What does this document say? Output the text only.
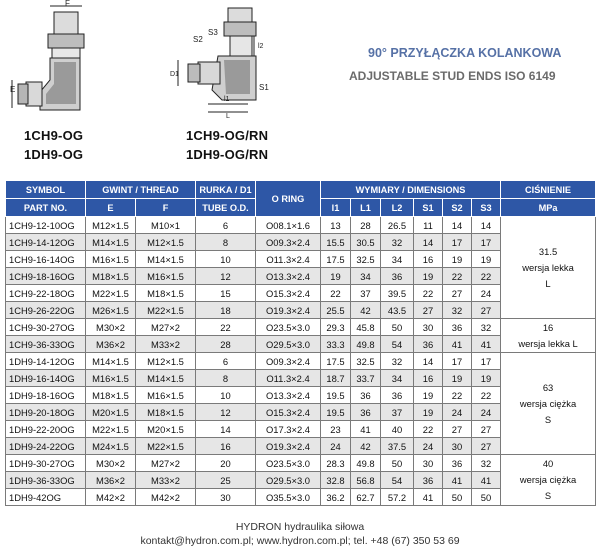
F
E
S3
S2
l2
S1
D1
l1
L
1CH9-OG
1DH9-OG
1CH9-OG/RN
1DH9-OG/RN
90° PRZYŁĄCZKA KOLANKOWA
ADJUSTABLE STUD ENDS ISO 6149
SYMBOL	GWINT / THREAD		RURKA / D1	O RING	WYMIARY / DIMENSIONS						CIŚNIENIE
PART NO.	E	F	TUBE O.D.		l1	L1	L2	S1	S2	S3	MPa
1CH9-12-10OG	M12×1.5	M10×1	6	O08.1×1.6	13	28	26.5	11	14	14	31.5
wersja lekka
L

1CH9-14-12OG	M14×1.5	M12×1.5	8	O09.3×2.4	15.5	30.5	32	14	17	17	
1CH9-16-14OG	M16×1.5	M14×1.5	10	O11.3×2.4	17.5	32.5	34	16	19	19	
1CH9-18-16OG	M18×1.5	M16×1.5	12	O13.3×2.4	19	34	36	19	22	22	
1CH9-22-18OG	M22×1.5	M18×1.5	15	O15.3×2.4	22	37	39.5	22	27	24	
1CH9-26-22OG	M26×1.5	M22×1.5	18	O19.3×2.4	25.5	42	43.5	27	32	27	
1CH9-30-27OG	M30×2	M27×2	22	O23.5×3.0	29.3	45.8	50	30	36	32	16
wersja lekka L

1CH9-36-33OG	M36×2	M33×2	28	O29.5×3.0	33.3	49.8	54	36	41	41	
1DH9-14-12OG	M14×1.5	M12×1.5	6	O09.3×2.4	17.5	32.5	32	14	17	17	63
wersja ciężka
S

1DH9-16-14OG	M16×1.5	M14×1.5	8	O11.3×2.4	18.7	33.7	34	16	19	19	
1DH9-18-16OG	M18×1.5	M16×1.5	10	O13.3×2.4	19.5	36	36	19	22	22	
1DH9-20-18OG	M20×1.5	M18×1.5	12	O15.3×2.4	19.5	36	37	19	24	24	
1DH9-22-20OG	M22×1.5	M20×1.5	14	O17.3×2.4	23	41	40	22	27	27	
1DH9-24-22OG	M24×1.5	M22×1.5	16	O19.3×2.4	24	42	37.5	24	30	27	
1DH9-30-27OG	M30×2	M27×2	20	O23.5×3.0	28.3	49.8	50	30	36	32	40
wersja ciężka
S

1DH9-36-33OG	M36×2	M33×2	25	O29.5×3.0	32.8	56.8	54	36	41	41	
1DH9-42OG	M42×2	M42×2	30	O35.5×3.0	36.2	62.7	57.2	41	50	50	
HYDRON hydraulika siłowa
kontakt@hydron.com.pl; www.hydron.com.pl; tel. +48 (67) 350 53 69
